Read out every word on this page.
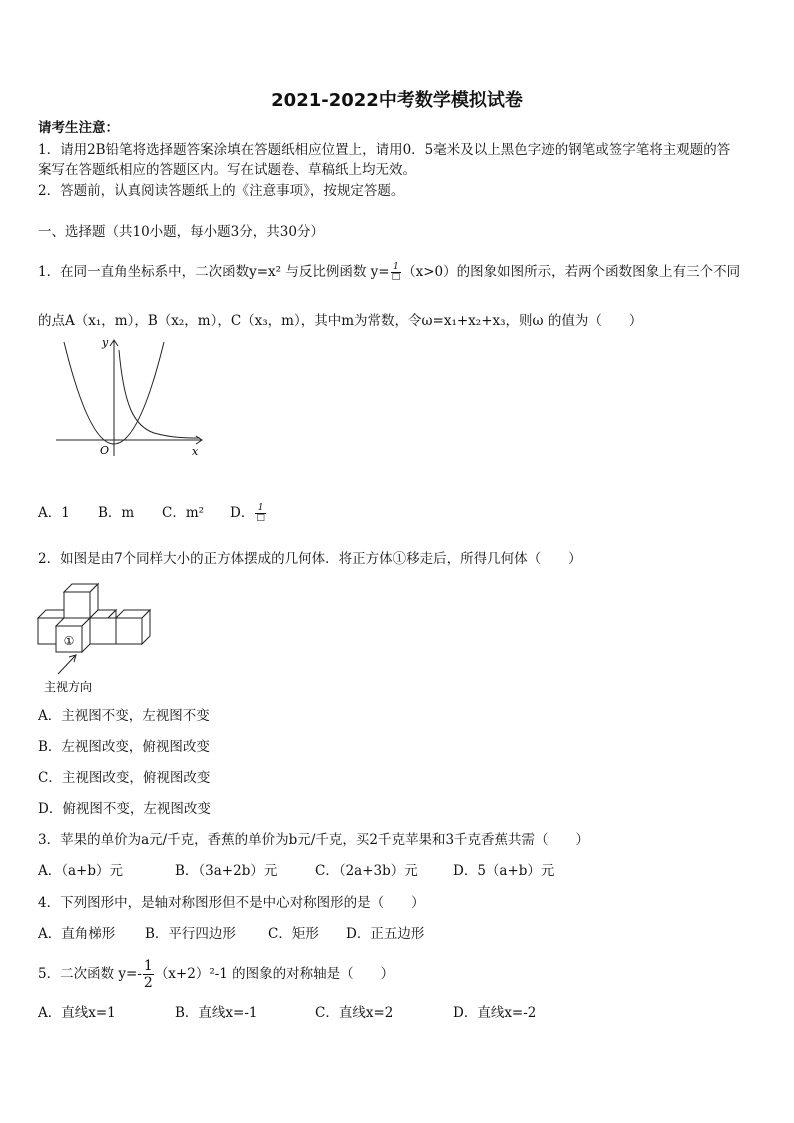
2021-2022中考数学模拟试卷
请考生注意：
1．请用2B铅笔将选择题答案涂填在答题纸相应位置上，请用0．5毫米及以上黑色字迹的钢笔或签字笔将主观题的答
案写在答题纸相应的答题区内。写在试题卷、草稿纸上均无效。
2．答题前，认真阅读答题纸上的《注意事项》，按规定答题。
一、选择题（共10小题，每小题3分，共30分）
1．在同一直角坐标系中，二次函数y=x² 与反比例函数 $y= \frac{1}{□} (x>0)$的图象如图所示，若两个函数图象上有三个不同
的点A（x₁，m），B（x₂，m），C（x₃，m），其中m为常数，令ω=x₁+x₂+x₃，则ω 的值为（　　）
y
x
O
A．1 B．m C．m² D． $\frac{1}{□}$
2．如图是由7个同样大小的正方体摆成的几何体．将正方体①移走后，所得几何体（　　）
①
主视方向
A．主视图不变，左视图不变
B．左视图改变，俯视图改变
C．主视图改变，俯视图改变
D．俯视图不变，左视图改变
3．苹果的单价为a元/千克，香蕉的单价为b元/千克，买2千克苹果和3千克香蕉共需（　　）
A．（a+b）元	B．（3a+2b）元	C．（2a+3b）元	D．5（a+b）元
4．下列图形中，是轴对称图形但不是中心对称图形的是（　　）
A．直角梯形 B．平行四边形 C．矩形 D．正五边形
5．二次函数 $y=- \frac{1}{2} (x+2)^2-1$ 的图象的对称轴是（　　）
A．直线x=1	B．直线x=-1	C．直线x=2	D．直线x=-2
